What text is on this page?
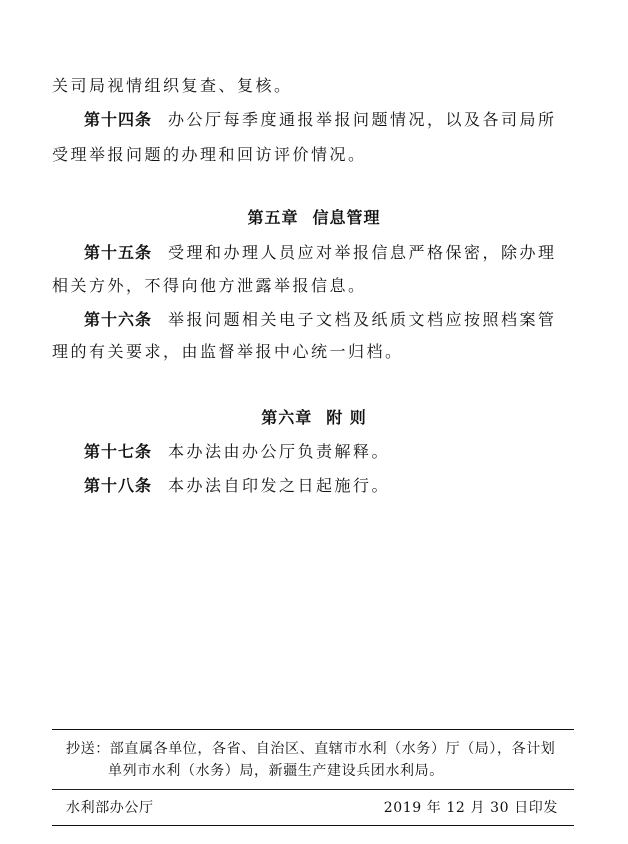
关司局视情组织复查、复核。
第十四条 办公厅每季度通报举报问题情况，以及各司局所
受理举报问题的办理和回访评价情况。
第五章 信息管理
第十五条 受理和办理人员应对举报信息严格保密，除办理
相关方外，不得向他方泄露举报信息。
第十六条 举报问题相关电子文档及纸质文档应按照档案管
理的有关要求，由监督举报中心统一归档。
第六章 附 则
第十七条 本办法由办公厅负责解释。
第十八条 本办法自印发之日起施行。
抄送：部直属各单位，各省、自治区、直辖市水利（水务）厅（局），各计划
单列市水利（水务）局，新疆生产建设兵团水利局。
水利部办公厅	2019 年 12 月 30 日印发
